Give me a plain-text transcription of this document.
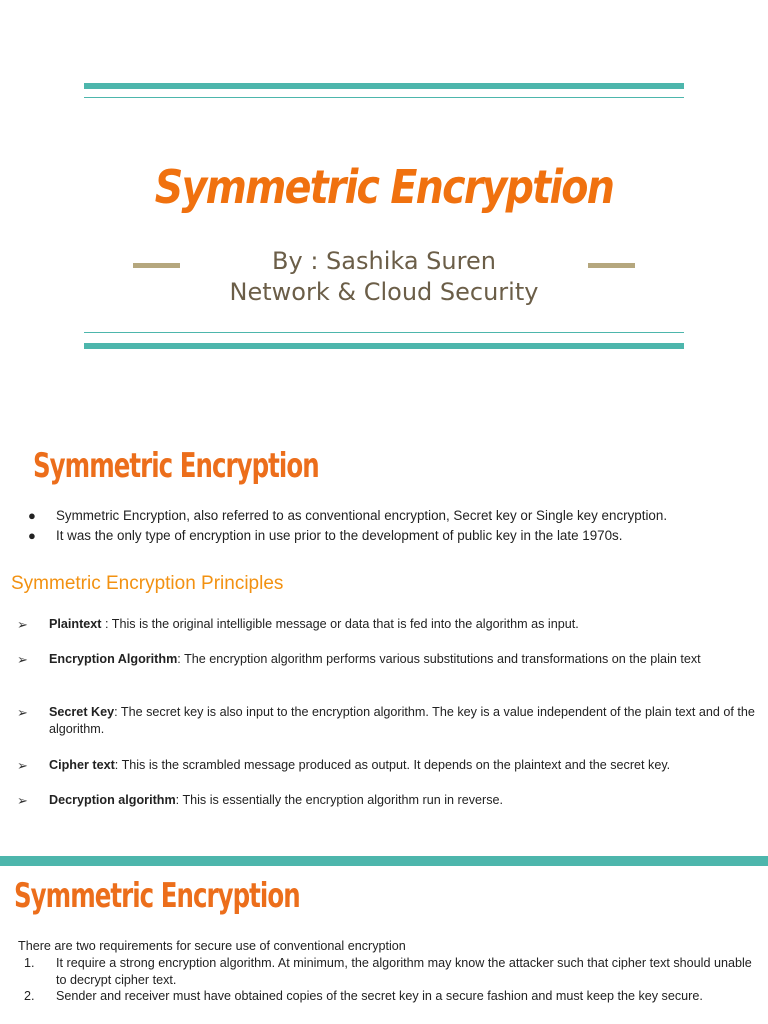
Symmetric Encryption
By : Sashika Suren
Network & Cloud Security
Symmetric Encryption
● Symmetric Encryption, also referred to as conventional encryption, Secret key or Single key encryption.
● It was the only type of encryption in use prior to the development of public key in the late 1970s.
Symmetric Encryption Principles
➢ Plaintext : This is the original intelligible message or data that is fed into the algorithm as input.
➢ Encryption Algorithm: The encryption algorithm performs various substitutions and transformations on the plain text
➢ Secret Key: The secret key is also input to the encryption algorithm. The key is a value independent of the plain text and of the algorithm.
➢ Cipher text: This is the scrambled message produced as output. It depends on the plaintext and the secret key.
➢ Decryption algorithm: This is essentially the encryption algorithm run in reverse.
Symmetric Encryption

There are two requirements for secure use of conventional encryption

1. It require a strong encryption algorithm. At minimum, the algorithm may know the attacker such that cipher text should unable to decrypt cipher text.
2. Sender and receiver must have obtained copies of the secret key in a secure fashion and must keep the key secure.
